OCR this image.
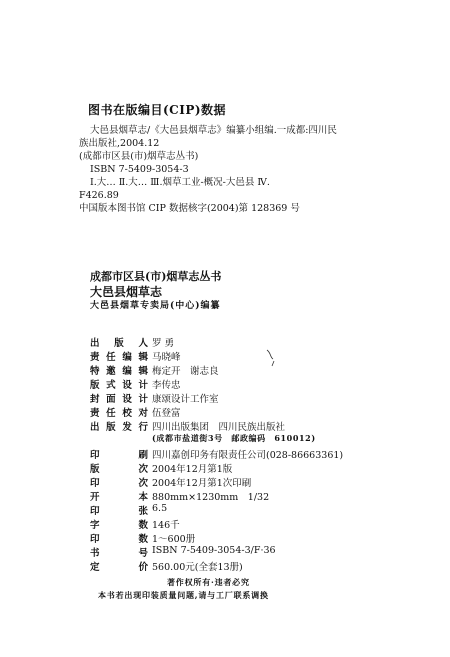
图书在版编目(CIP)数据
大邑县烟草志/《大邑县烟草志》编纂小组编.一成都:四川民
族出版社,2004.12
(成都市区县(市)烟草志丛书)
ISBN 7-5409-3054-3
Ⅰ.大… Ⅱ.大… Ⅲ.烟草工业-概况-大邑县 Ⅳ.
F426.89
中国版本图书馆 CIP 数据核字(2004)第 128369 号
成都市区县(市)烟草志丛书
大邑县烟草志
大邑县烟草专卖局(中心)编纂
出 版 人 罗 勇
责 任 编 辑 马晓峰
特 邀 编 辑 梅定开　谢志良
版 式 设 计 李传忠
封 面 设 计 康颂设计工作室
责 任 校 对 伍登富
出 版 发 行 四川出版集团　四川民族出版社
(成都市盐道街3号　邮政编码　610012)
印	刷 四川嘉创印务有限责任公司(028-86663361)
版	次 2004年12月第1版
印	次 2004年12月第1次印刷
开	本 880mm×1230mm　1/32
印	张 6.5
字	数 146千
印	数 1～600册
书	号 ISBN 7-5409-3054-3/F·36
定	价 560.00元(全套13册)
著作权所有·违者必究
本书若出现印装质量问题,请与工厂联系调换
